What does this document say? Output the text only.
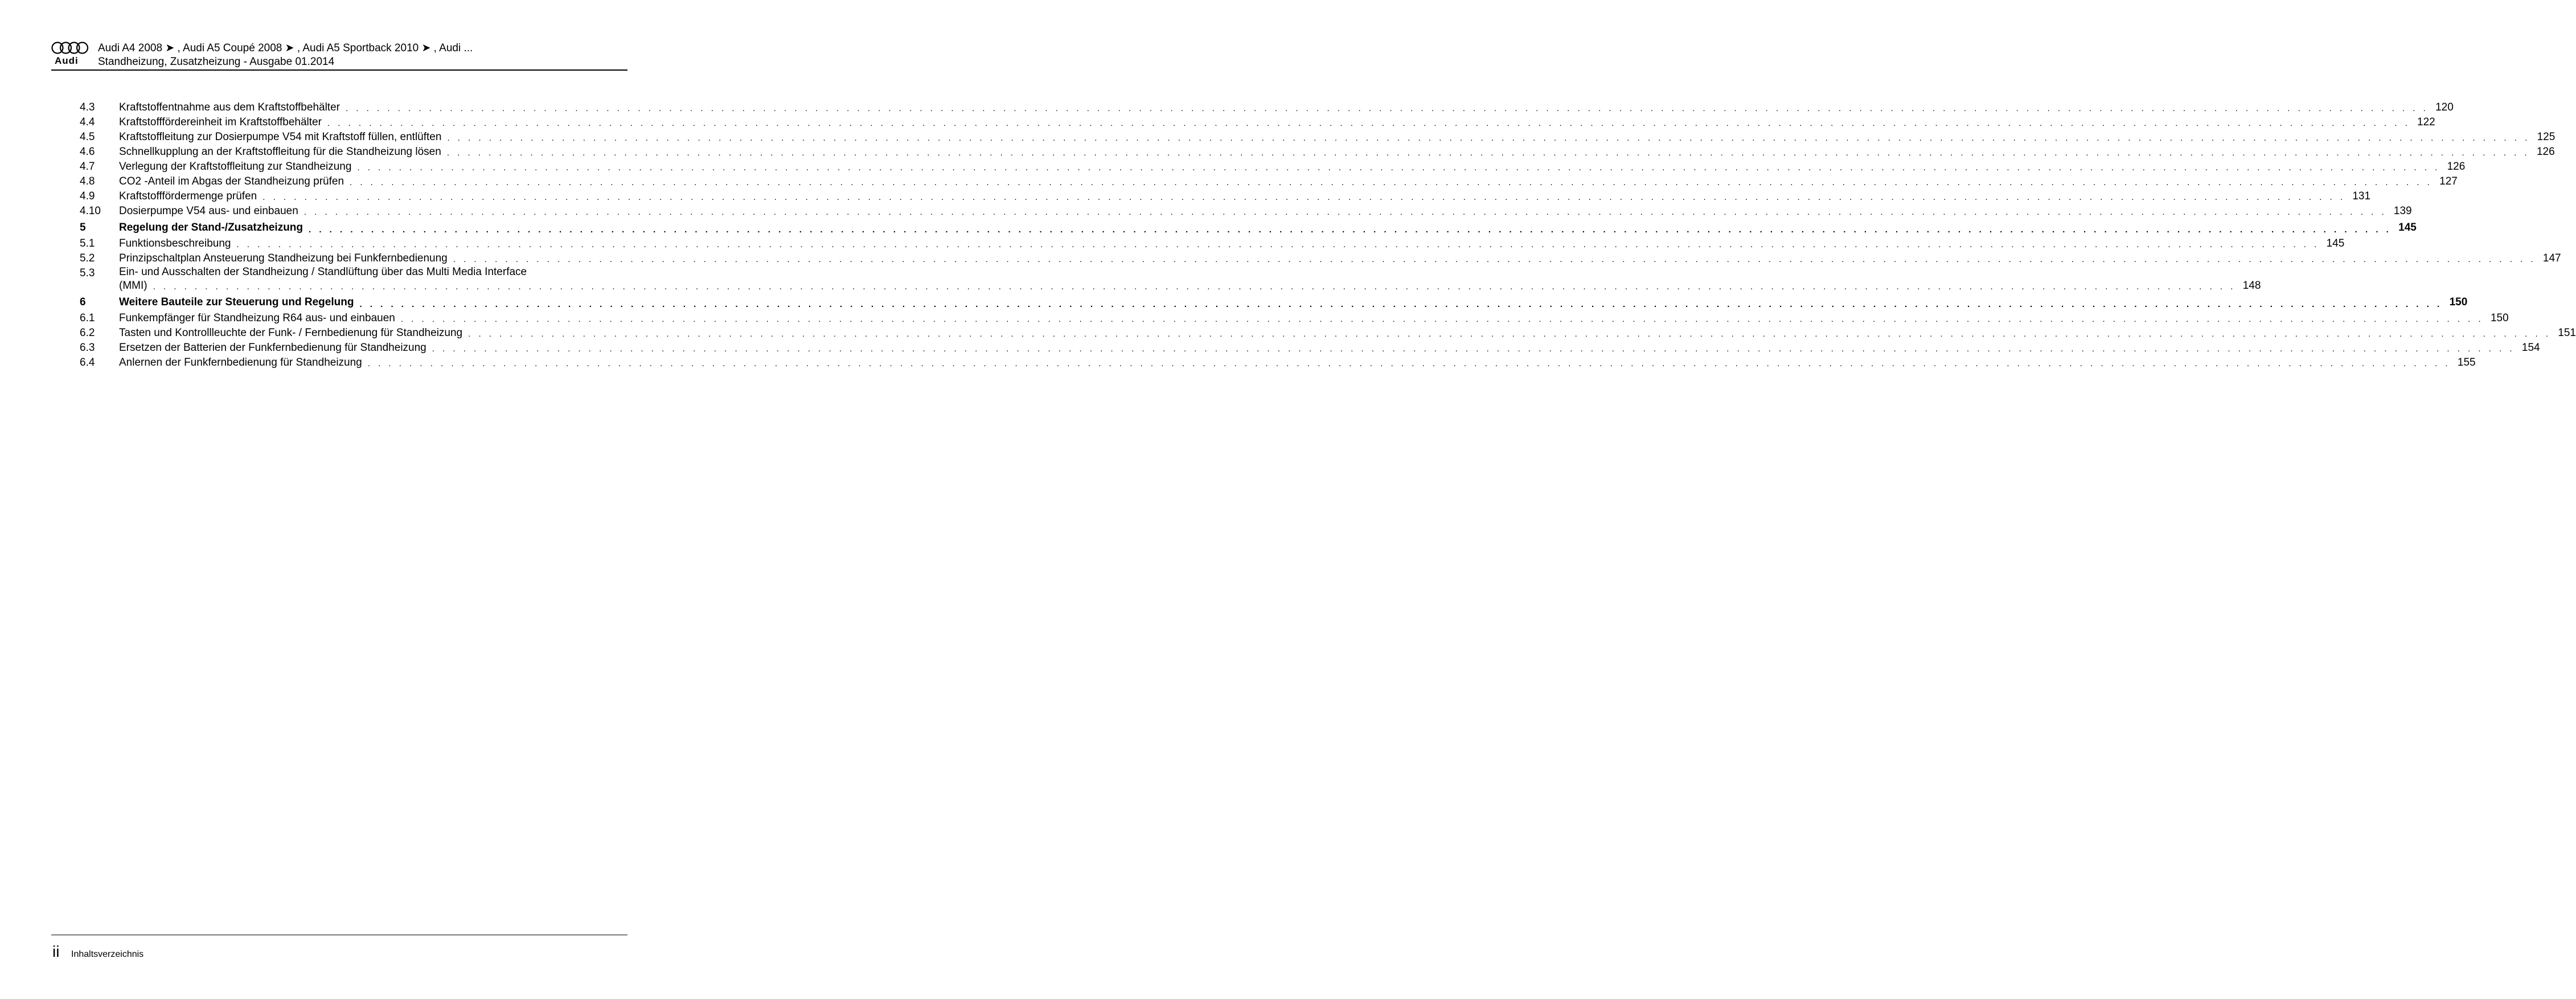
Audi
Audi A4 2008 ➤ , Audi A5 Coupé 2008 ➤ , Audi A5 Sportback 2010 ➤ , Audi ...
Standheizung, Zusatzheizung - Ausgabe 01.2014
4.3	Kraftstoffentnahme aus dem Kraftstoffbehälter . . . . . . . . . . . . . . . . . . . . . . . . . . . . . . . . . . . . . . . . . . . . . . . . . . . . . . . . . . . . . . . . . . . . . . . . . . . . . . . . . . . . . . . . . . . . . . . . . . . . . . . . . . . . . . . . . . . . . . . . . . . . . . . . . . . . . . . . . . . . . . . . . . . . . . . . . . . . . . . . . . . . . . . . . . . . . . . . . . . . . . . . . . . . . . . . . . . . . . . . 120
4.4	Kraftstofffördereinheit im Kraftstoffbehälter . . . . . . . . . . . . . . . . . . . . . . . . . . . . . . . . . . . . . . . . . . . . . . . . . . . . . . . . . . . . . . . . . . . . . . . . . . . . . . . . . . . . . . . . . . . . . . . . . . . . . . . . . . . . . . . . . . . . . . . . . . . . . . . . . . . . . . . . . . . . . . . . . . . . . . . . . . . . . . . . . . . . . . . . . . . . . . . . . . . . . . . . . . . . . . . . . . . . . . . . 122
4.5	Kraftstoffleitung zur Dosierpumpe V54 mit Kraftstoff füllen, entlüften . . . . . . . . . . . . . . . . . . . . . . . . . . . . . . . . . . . . . . . . . . . . . . . . . . . . . . . . . . . . . . . . . . . . . . . . . . . . . . . . . . . . . . . . . . . . . . . . . . . . . . . . . . . . . . . . . . . . . . . . . . . . . . . . . . . . . . . . . . . . . . . . . . . . . . . . . . . . . . . . . . . . . . . . . . . . . . . . . . . . . . . . . . . . . . . . . . . . . . . . 125
4.6	Schnellkupplung an der Kraftstoffleitung für die Standheizung lösen . . . . . . . . . . . . . . . . . . . . . . . . . . . . . . . . . . . . . . . . . . . . . . . . . . . . . . . . . . . . . . . . . . . . . . . . . . . . . . . . . . . . . . . . . . . . . . . . . . . . . . . . . . . . . . . . . . . . . . . . . . . . . . . . . . . . . . . . . . . . . . . . . . . . . . . . . . . . . . . . . . . . . . . . . . . . . . . . . . . . . . . . . . . . . . . . . . . . . . . . 126
4.7	Verlegung der Kraftstoffleitung zur Standheizung . . . . . . . . . . . . . . . . . . . . . . . . . . . . . . . . . . . . . . . . . . . . . . . . . . . . . . . . . . . . . . . . . . . . . . . . . . . . . . . . . . . . . . . . . . . . . . . . . . . . . . . . . . . . . . . . . . . . . . . . . . . . . . . . . . . . . . . . . . . . . . . . . . . . . . . . . . . . . . . . . . . . . . . . . . . . . . . . . . . . . . . . . . . . . . . . . . . . . . . . 126
4.8	CO2 -Anteil im Abgas der Standheizung prüfen . . . . . . . . . . . . . . . . . . . . . . . . . . . . . . . . . . . . . . . . . . . . . . . . . . . . . . . . . . . . . . . . . . . . . . . . . . . . . . . . . . . . . . . . . . . . . . . . . . . . . . . . . . . . . . . . . . . . . . . . . . . . . . . . . . . . . . . . . . . . . . . . . . . . . . . . . . . . . . . . . . . . . . . . . . . . . . . . . . . . . . . . . . . . . . . . . . . . . . . . 127
4.9	Kraftstofffördermenge prüfen . . . . . . . . . . . . . . . . . . . . . . . . . . . . . . . . . . . . . . . . . . . . . . . . . . . . . . . . . . . . . . . . . . . . . . . . . . . . . . . . . . . . . . . . . . . . . . . . . . . . . . . . . . . . . . . . . . . . . . . . . . . . . . . . . . . . . . . . . . . . . . . . . . . . . . . . . . . . . . . . . . . . . . . . . . . . . . . . . . . . . . . . . . . . . . . . . . . . . . . . 131
4.10	Dosierpumpe V54 aus- und einbauen . . . . . . . . . . . . . . . . . . . . . . . . . . . . . . . . . . . . . . . . . . . . . . . . . . . . . . . . . . . . . . . . . . . . . . . . . . . . . . . . . . . . . . . . . . . . . . . . . . . . . . . . . . . . . . . . . . . . . . . . . . . . . . . . . . . . . . . . . . . . . . . . . . . . . . . . . . . . . . . . . . . . . . . . . . . . . . . . . . . . . . . . . . . . . . . . . . . . . . . . 139
5	Regelung der Stand-/Zusatzheizung . . . . . . . . . . . . . . . . . . . . . . . . . . . . . . . . . . . . . . . . . . . . . . . . . . . . . . . . . . . . . . . . . . . . . . . . . . . . . . . . . . . . . . . . . . . . . . . . . . . . . . . . . . . . . . . . . . . . . . . . . . . . . . . . . . . . . . . . . . . . . . . . . . . . . . . . . . . . . . . . . . . . . . . . . . . . . . . . . . . . . . . . . . . . . . . . . . . . . . . . 145
5.1	Funktionsbeschreibung . . . . . . . . . . . . . . . . . . . . . . . . . . . . . . . . . . . . . . . . . . . . . . . . . . . . . . . . . . . . . . . . . . . . . . . . . . . . . . . . . . . . . . . . . . . . . . . . . . . . . . . . . . . . . . . . . . . . . . . . . . . . . . . . . . . . . . . . . . . . . . . . . . . . . . . . . . . . . . . . . . . . . . . . . . . . . . . . . . . . . . . . . . . . . . . . . . . . . . . . 145
5.2	Prinzipschaltplan Ansteuerung Standheizung bei Funkfernbedienung . . . . . . . . . . . . . . . . . . . . . . . . . . . . . . . . . . . . . . . . . . . . . . . . . . . . . . . . . . . . . . . . . . . . . . . . . . . . . . . . . . . . . . . . . . . . . . . . . . . . . . . . . . . . . . . . . . . . . . . . . . . . . . . . . . . . . . . . . . . . . . . . . . . . . . . . . . . . . . . . . . . . . . . . . . . . . . . . . . . . . . . . . . . . . . . . . . . . . . . . 147
5.3	Ein- und Ausschalten der Standheizung / Standlüftung über das Multi Media Interface
(MMI) . . . . . . . . . . . . . . . . . . . . . . . . . . . . . . . . . . . . . . . . . . . . . . . . . . . . . . . . . . . . . . . . . . . . . . . . . . . . . . . . . . . . . . . . . . . . . . . . . . . . . . . . . . . . . . . . . . . . . . . . . . . . . . . . . . . . . . . . . . . . . . . . . . . . . . . . . . . . . . . . . . . . . . . . . . . . . . . . . . . . . . . . . . . . . . . . . . . . . . . . 148
6	Weitere Bauteile zur Steuerung und Regelung . . . . . . . . . . . . . . . . . . . . . . . . . . . . . . . . . . . . . . . . . . . . . . . . . . . . . . . . . . . . . . . . . . . . . . . . . . . . . . . . . . . . . . . . . . . . . . . . . . . . . . . . . . . . . . . . . . . . . . . . . . . . . . . . . . . . . . . . . . . . . . . . . . . . . . . . . . . . . . . . . . . . . . . . . . . . . . . . . . . . . . . . . . . . . . . . . . . . . . . . 150
6.1	Funkempfänger für Standheizung R64 aus- und einbauen . . . . . . . . . . . . . . . . . . . . . . . . . . . . . . . . . . . . . . . . . . . . . . . . . . . . . . . . . . . . . . . . . . . . . . . . . . . . . . . . . . . . . . . . . . . . . . . . . . . . . . . . . . . . . . . . . . . . . . . . . . . . . . . . . . . . . . . . . . . . . . . . . . . . . . . . . . . . . . . . . . . . . . . . . . . . . . . . . . . . . . . . . . . . . . . . . . . . . . . . 150
6.2	Tasten und Kontrollleuchte der Funk- / Fernbedienung für Standheizung . . . . . . . . . . . . . . . . . . . . . . . . . . . . . . . . . . . . . . . . . . . . . . . . . . . . . . . . . . . . . . . . . . . . . . . . . . . . . . . . . . . . . . . . . . . . . . . . . . . . . . . . . . . . . . . . . . . . . . . . . . . . . . . . . . . . . . . . . . . . . . . . . . . . . . . . . . . . . . . . . . . . . . . . . . . . . . . . . . . . . . . . . . . . . . . . . . . . . . . . 151
6.3	Ersetzen der Batterien der Funkfernbedienung für Standheizung . . . . . . . . . . . . . . . . . . . . . . . . . . . . . . . . . . . . . . . . . . . . . . . . . . . . . . . . . . . . . . . . . . . . . . . . . . . . . . . . . . . . . . . . . . . . . . . . . . . . . . . . . . . . . . . . . . . . . . . . . . . . . . . . . . . . . . . . . . . . . . . . . . . . . . . . . . . . . . . . . . . . . . . . . . . . . . . . . . . . . . . . . . . . . . . . . . . . . . . . 154
6.4	Anlernen der Funkfernbedienung für Standheizung . . . . . . . . . . . . . . . . . . . . . . . . . . . . . . . . . . . . . . . . . . . . . . . . . . . . . . . . . . . . . . . . . . . . . . . . . . . . . . . . . . . . . . . . . . . . . . . . . . . . . . . . . . . . . . . . . . . . . . . . . . . . . . . . . . . . . . . . . . . . . . . . . . . . . . . . . . . . . . . . . . . . . . . . . . . . . . . . . . . . . . . . . . . . . . . . . . . . . . . . 155
ii Inhaltsverzeichnis
